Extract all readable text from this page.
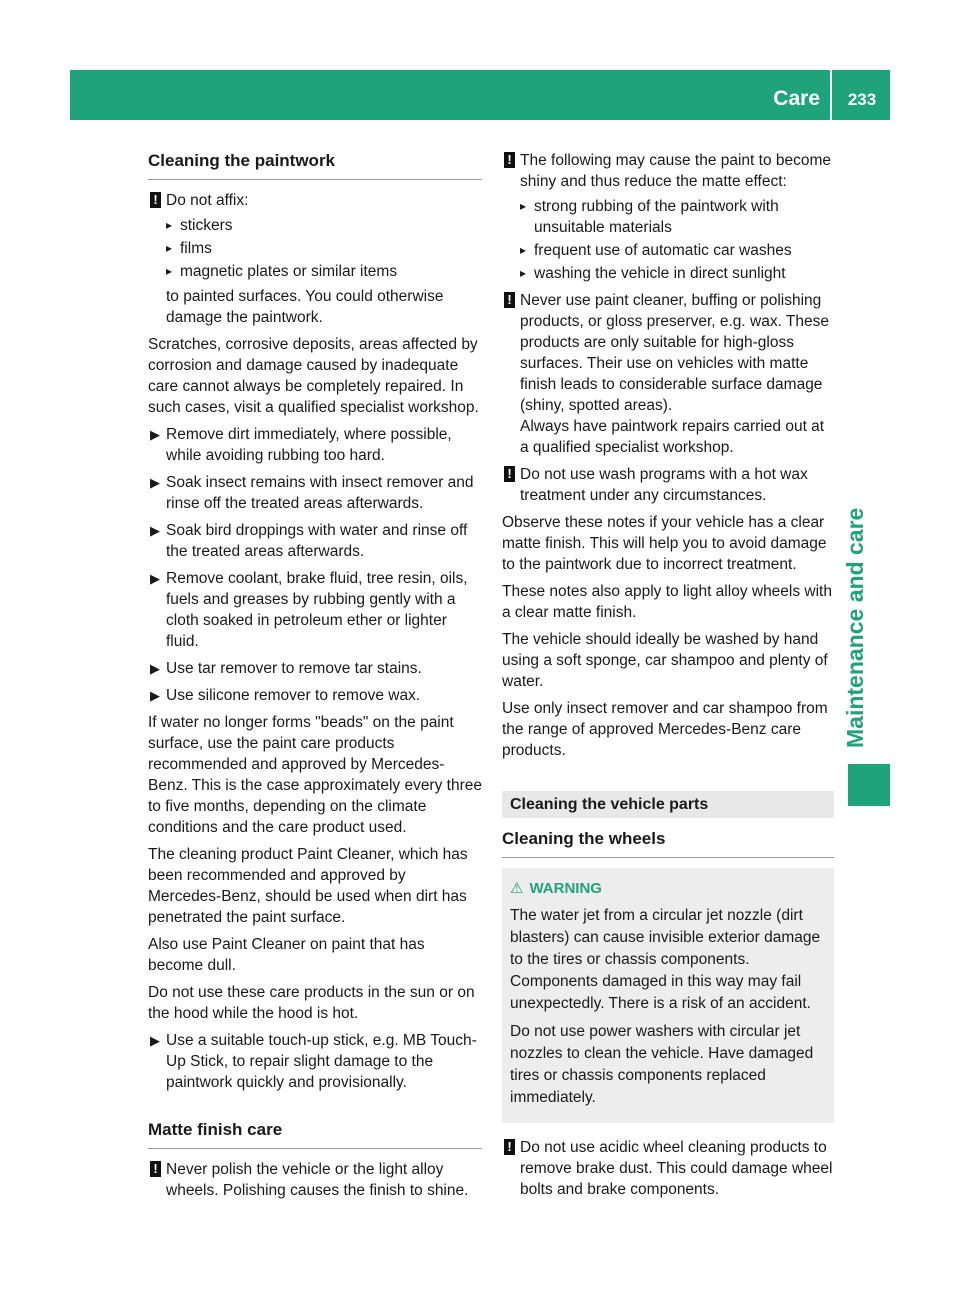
Care	233
Maintenance and care
Cleaning the paintwork
! Do not affix:
▸ stickers
▸ films
▸ magnetic plates or similar items
to painted surfaces. You could otherwise damage the paintwork.

Scratches, corrosive deposits, areas affected by corrosion and damage caused by inadequate care cannot always be completely repaired. In such cases, visit a qualified specialist workshop.

▶ Remove dirt immediately, where possible, while avoiding rubbing too hard.
▶ Soak insect remains with insect remover and rinse off the treated areas afterwards.
▶ Soak bird droppings with water and rinse off the treated areas afterwards.
▶ Remove coolant, brake fluid, tree resin, oils, fuels and greases by rubbing gently with a cloth soaked in petroleum ether or lighter fluid.
▶ Use tar remover to remove tar stains.
▶ Use silicone remover to remove wax.

If water no longer forms "beads" on the paint surface, use the paint care products recommended and approved by Mercedes-Benz. This is the case approximately every three to five months, depending on the climate conditions and the care product used.

The cleaning product Paint Cleaner, which has been recommended and approved by Mercedes-Benz, should be used when dirt has penetrated the paint surface.

Also use Paint Cleaner on paint that has become dull.

Do not use these care products in the sun or on the hood while the hood is hot.

▶ Use a suitable touch-up stick, e.g. MB Touch-Up Stick, to repair slight damage to the paintwork quickly and provisionally.
Matte finish care
! Never polish the vehicle or the light alloy wheels. Polishing causes the finish to shine.
! The following may cause the paint to become shiny and thus reduce the matte effect:
▸ strong rubbing of the paintwork with unsuitable materials
▸ frequent use of automatic car washes
▸ washing the vehicle in direct sunlight
! Never use paint cleaner, buffing or polishing products, or gloss preserver, e.g. wax. These products are only suitable for high-gloss surfaces. Their use on vehicles with matte finish leads to considerable surface damage (shiny, spotted areas).
Always have paintwork repairs carried out at a qualified specialist workshop.
! Do not use wash programs with a hot wax treatment under any circumstances.

Observe these notes if your vehicle has a clear matte finish. This will help you to avoid damage to the paintwork due to incorrect treatment.

These notes also apply to light alloy wheels with a clear matte finish.

The vehicle should ideally be washed by hand using a soft sponge, car shampoo and plenty of water.

Use only insect remover and car shampoo from the range of approved Mercedes-Benz care products.

Cleaning the vehicle parts
Cleaning the wheels
⚠ WARNING

The water jet from a circular jet nozzle (dirt blasters) can cause invisible exterior damage to the tires or chassis components. Components damaged in this way may fail unexpectedly. There is a risk of an accident.

Do not use power washers with circular jet nozzles to clean the vehicle. Have damaged tires or chassis components replaced immediately.

! Do not use acidic wheel cleaning products to remove brake dust. This could damage wheel bolts and brake components.
